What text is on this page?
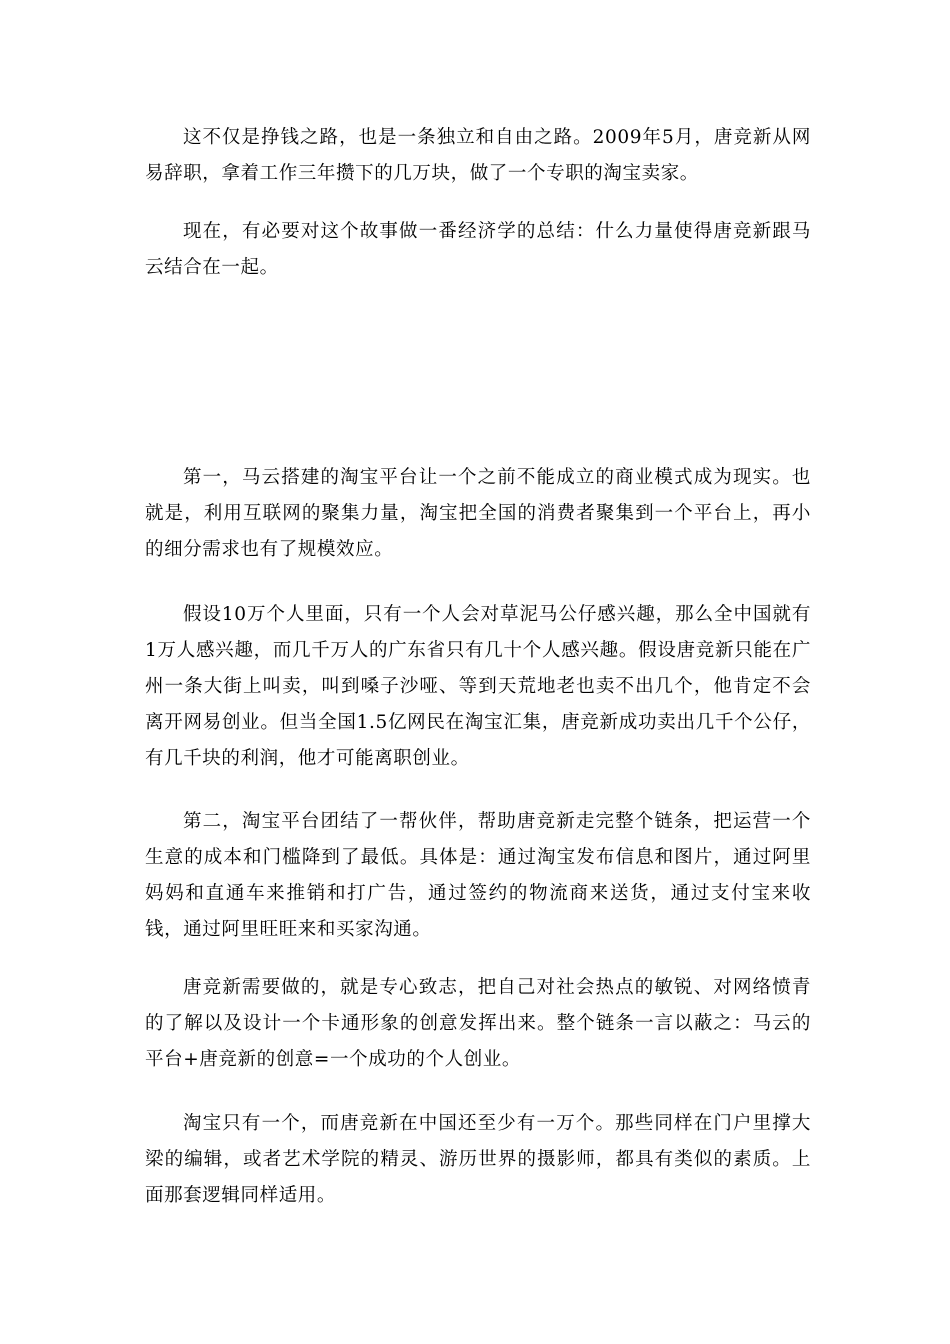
这不仅是挣钱之路，也是一条独立和自由之路。2009年5月，唐竞新从网易辞职，拿着工作三年攒下的几万块，做了一个专职的淘宝卖家。

现在，有必要对这个故事做一番经济学的总结：什么力量使得唐竞新跟马云结合在一起。

第一，马云搭建的淘宝平台让一个之前不能成立的商业模式成为现实。也就是，利用互联网的聚集力量，淘宝把全国的消费者聚集到一个平台上，再小的细分需求也有了规模效应。

假设10万个人里面，只有一个人会对草泥马公仔感兴趣，那么全中国就有1万人感兴趣，而几千万人的广东省只有几十个人感兴趣。假设唐竞新只能在广州一条大街上叫卖，叫到嗓子沙哑、等到天荒地老也卖不出几个，他肯定不会离开网易创业。但当全国1.5亿网民在淘宝汇集，唐竞新成功卖出几千个公仔，有几千块的利润，他才可能离职创业。

第二，淘宝平台团结了一帮伙伴，帮助唐竞新走完整个链条，把运营一个生意的成本和门槛降到了最低。具体是：通过淘宝发布信息和图片，通过阿里妈妈和直通车来推销和打广告，通过签约的物流商来送货，通过支付宝来收钱，通过阿里旺旺来和买家沟通。

唐竞新需要做的，就是专心致志，把自己对社会热点的敏锐、对网络愤青的了解以及设计一个卡通形象的创意发挥出来。整个链条一言以蔽之：马云的平台+唐竞新的创意=一个成功的个人创业。

淘宝只有一个，而唐竞新在中国还至少有一万个。那些同样在门户里撑大梁的编辑，或者艺术学院的精灵、游历世界的摄影师，都具有类似的素质。上面那套逻辑同样适用。
